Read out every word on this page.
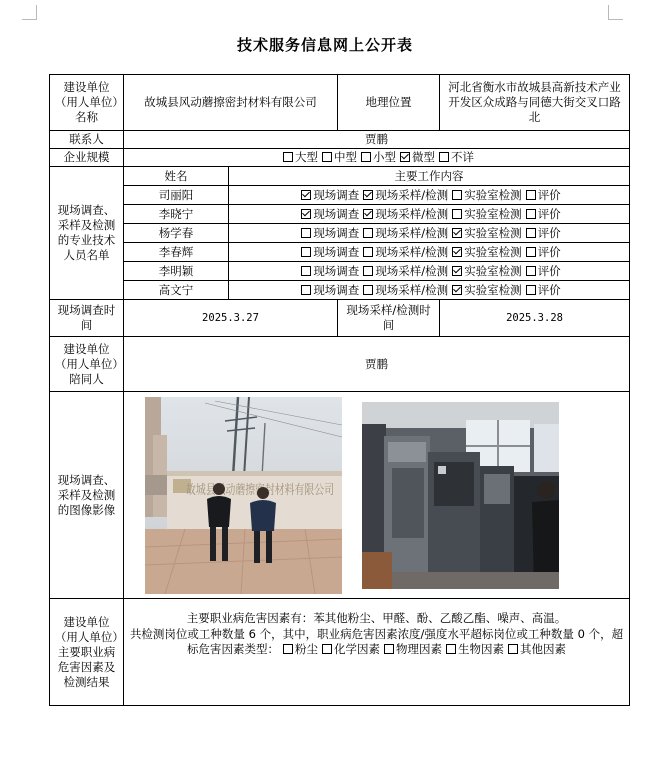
技术服务信息网上公开表
建设单位（用人单位）名称	故城县风动蘑擦密封材料有限公司		地理位置	河北省衡水市故城县高新技术产业开发区众成路与同德大街交叉口路北
联系人	贾鹏			
企业规模	大型 中型 小型 微型 不详			
现场调查、采样及检测的专业技术人员名单	姓名	主要工作内容		
	司丽阳	现场调查 现场采样/检测 实验室检测 评价		
	李晓宁	现场调查 现场采样/检测 实验室检测 评价		
	杨学春	现场调查 现场采样/检测 实验室检测 评价		
	李春辉	现场调查 现场采样/检测 实验室检测 评价		
	李明颖	现场调查 现场采样/检测 实验室检测 评价		
	高文宁	现场调查 现场采样/检测 实验室检测 评价		
现场调查时间	2025.3.27		现场采样/检测时间	2025.3.28
建设单位（用人单位）陪同人	贾鹏			
现场调查、采样及检测的图像影像	故城县风动蘑擦密封材料有限公司			

建设单位（用人单位）主要职业病危害因素及检测结果	主要职业病危害因素有：苯其他粉尘、甲醛、酚、乙酸乙酯、噪声、高温。
共检测岗位或工种数量 6 个，其中，职业病危害因素浓度/强度水平超标岗位或工种数量 0 个，超标危害因素类型： 粉尘 化学因素 物理因素 生物因素 其他因素			
